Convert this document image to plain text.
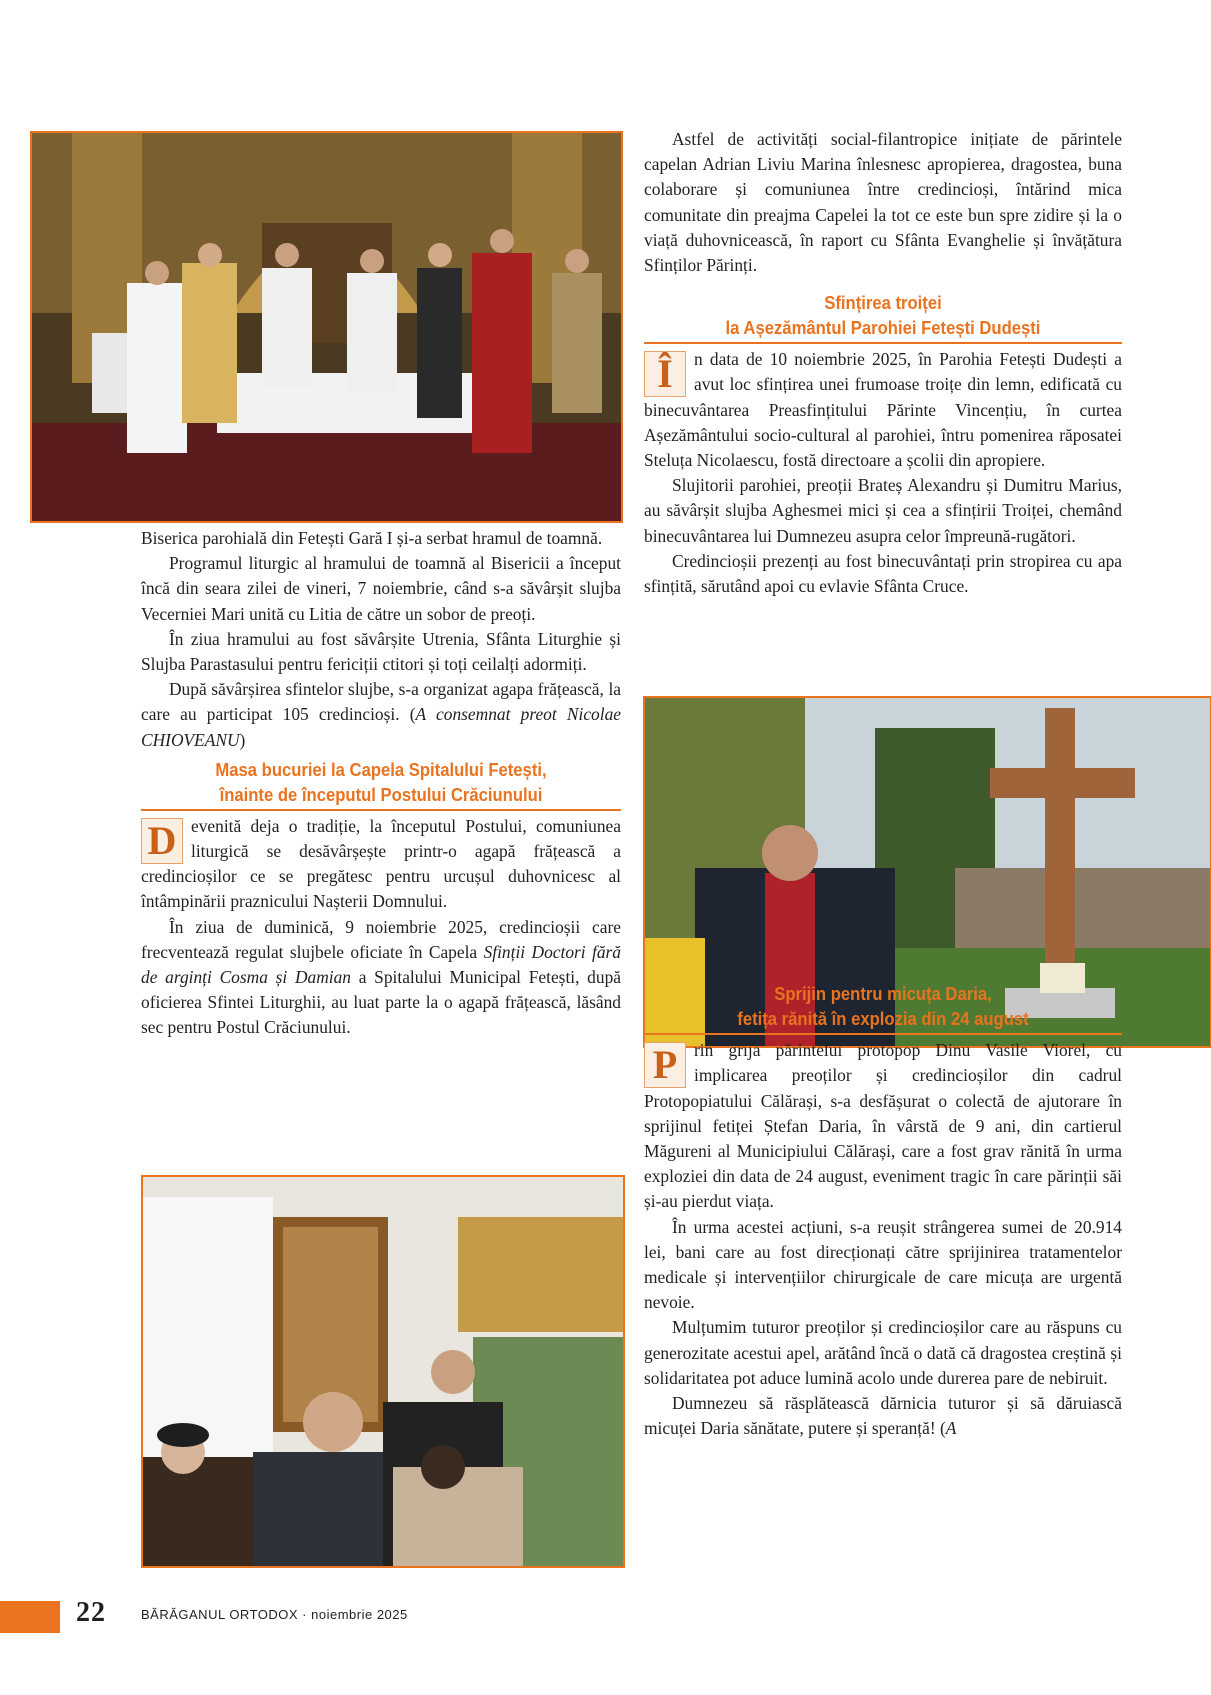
Biserica parohială din Fetești Gară I și-a serbat hramul de toamnă.

Programul liturgic al hramului de toamnă al Bisericii a început încă din seara zilei de vineri, 7 noiembrie, când s-a săvârșit slujba Vecerniei Mari unită cu Litia de către un sobor de preoți.

În ziua hramului au fost săvârșite Utrenia, Sfânta Liturghie și Slujba Parastasului pentru fericiții ctitori și toți ceilalți adormiți.

După săvârșirea sfintelor slujbe, s-a organizat agapa frățească, la care au participat 105 credincioși. (A consemnat preot Nicolae CHIOVEANU)

Masa bucuriei la Capela Spitalului Fetești,
înainte de începutul Postului Crăciunului

D evenită deja o tradiție, la începutul Postului, comuniunea liturgică se desăvârșește printr-o agapă frățească a credincioșilor ce se pregătesc pentru urcușul duhovnicesc al întâmpinării praznicului Nașterii Domnului.

În ziua de duminică, 9 noiembrie 2025, credincioșii care frecventează regulat slujbele oficiate în Capela Sfinții Doctori fără de arginți Cosma și Damian a Spitalului Municipal Fetești, după oficierea Sfintei Liturghii, au luat parte la o agapă frățească, lăsând sec pentru Postul Crăciunului.

Astfel de activități social-filantropice inițiate de părintele capelan Adrian Liviu Marina înlesnesc apropierea, dragostea, buna colaborare și comuniunea între credincioși, întărind mica comunitate din preajma Capelei la tot ce este bun spre zidire și la o viață duhovnicească, în raport cu Sfânta Evanghelie și învățătura Sfinților Părinți.

Sfințirea troiței
la Așezământul Parohiei Fetești Dudești

Î	n data de 10 noiembrie 2025, în Parohia Fetești Dudești a avut loc sfințirea unei frumoase troițe din lemn, edificată cu binecuvântarea Preasfințitului Părinte Vincențiu, în curtea Așezământului socio-cultural al parohiei, întru pomenirea răposatei Steluța Nicolaescu, fostă directoare a școlii din apropiere.

Slujitorii parohiei, preoții Brateș Alexandru și Dumitru Marius, au săvârșit slujba Aghesmei mici și cea a sfințirii Troiței, chemând binecuvântarea lui Dumnezeu asupra celor împreună-rugători.

Credincioșii prezenți au fost binecuvântați prin stropirea cu apa sfințită, sărutând apoi cu evlavie Sfânta Cruce.

Sprijin pentru micuța Daria,
fetița rănită în explozia din 24 august

P rin grija părintelui protopop Dinu Vasile Viorel, cu implicarea preoților și credincioșilor din cadrul Protopopiatului Călărași, s-a desfășurat o colectă de ajutorare în sprijinul fetiței Ștefan Daria, în vârstă de 9 ani, din cartierul Măgureni al Municipiului Călărași, care a fost grav rănită în urma exploziei din data de 24 august, eveniment tragic în care părinții săi și-au pierdut viața.

În urma acestei acțiuni, s-a reușit strângerea sumei de 20.914 lei, bani care au fost direcționați către sprijinirea tratamentelor medicale și intervențiilor chirurgicale de care micuța are urgentă nevoie.

Mulțumim tuturor preoților și credincioșilor care au răspuns cu generozitate acestui apel, arătând încă o dată că dragostea creștină și solidaritatea pot aduce lumină acolo unde durerea pare de nebiruit.

Dumnezeu să răsplătească dărnicia tuturor și să dăruiască micuței Daria sănătate, putere și speranță! (A

22	BĂRĂGANUL ORTODOX · noiembrie 2025
